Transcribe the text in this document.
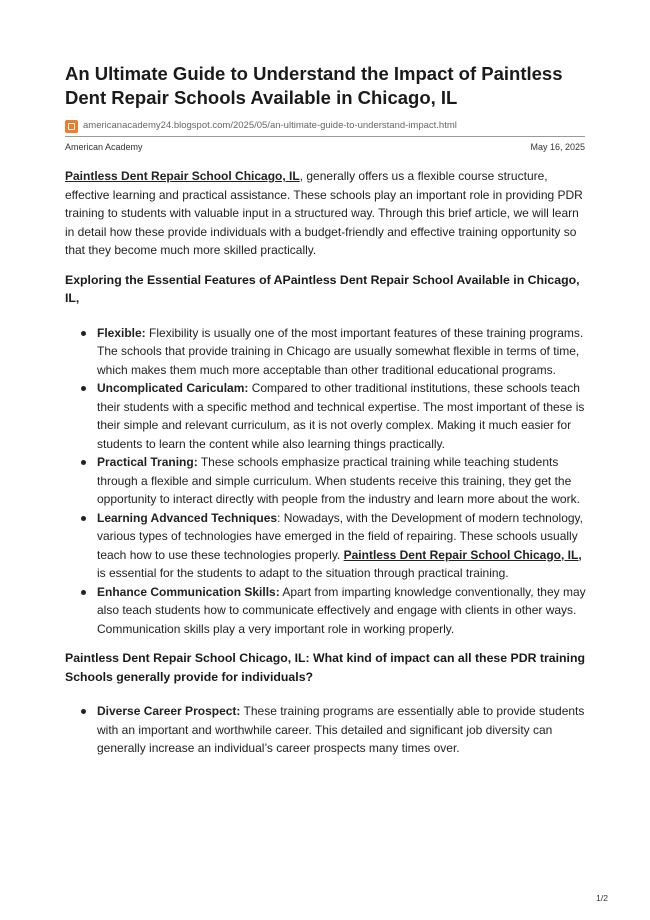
An Ultimate Guide to Understand the Impact of Paintless Dent Repair Schools Available in Chicago, IL
americanacademy24.blogspot.com/2025/05/an-ultimate-guide-to-understand-impact.html
American Academy	May 16, 2025

Paintless Dent Repair School Chicago, IL, generally offers us a flexible course structure, effective learning and practical assistance. These schools play an important role in providing PDR training to students with valuable input in a structured way. Through this brief article, we will learn in detail how these provide individuals with a budget-friendly and effective training opportunity so that they become much more skilled practically.

Exploring the Essential Features of APaintless Dent Repair School Available in Chicago, IL,
Flexible: Flexibility is usually one of the most important features of these training programs. The schools that provide training in Chicago are usually somewhat flexible in terms of time, which makes them much more acceptable than other traditional educational programs.
Uncomplicated Cariculam: Compared to other traditional institutions, these schools teach their students with a specific method and technical expertise. The most important of these is their simple and relevant curriculum, as it is not overly complex. Making it much easier for students to learn the content while also learning things practically.
Practical Traning: These schools emphasize practical training while teaching students through a flexible and simple curriculum. When students receive this training, they get the opportunity to interact directly with people from the industry and learn more about the work.
Learning Advanced Techniques: Nowadays, with the Development of modern technology, various types of technologies have emerged in the field of repairing. These schools usually teach how to use these technologies properly. Paintless Dent Repair School Chicago, IL, is essential for the students to adapt to the situation through practical training.
Enhance Communication Skills: Apart from imparting knowledge conventionally, they may also teach students how to communicate effectively and engage with clients in other ways. Communication skills play a very important role in working properly.
Paintless Dent Repair School Chicago, IL: What kind of impact can all these PDR training Schools generally provide for individuals?
Diverse Career Prospect: These training programs are essentially able to provide students with an important and worthwhile career. This detailed and significant job diversity can generally increase an individual’s career prospects many times over.
1/2
